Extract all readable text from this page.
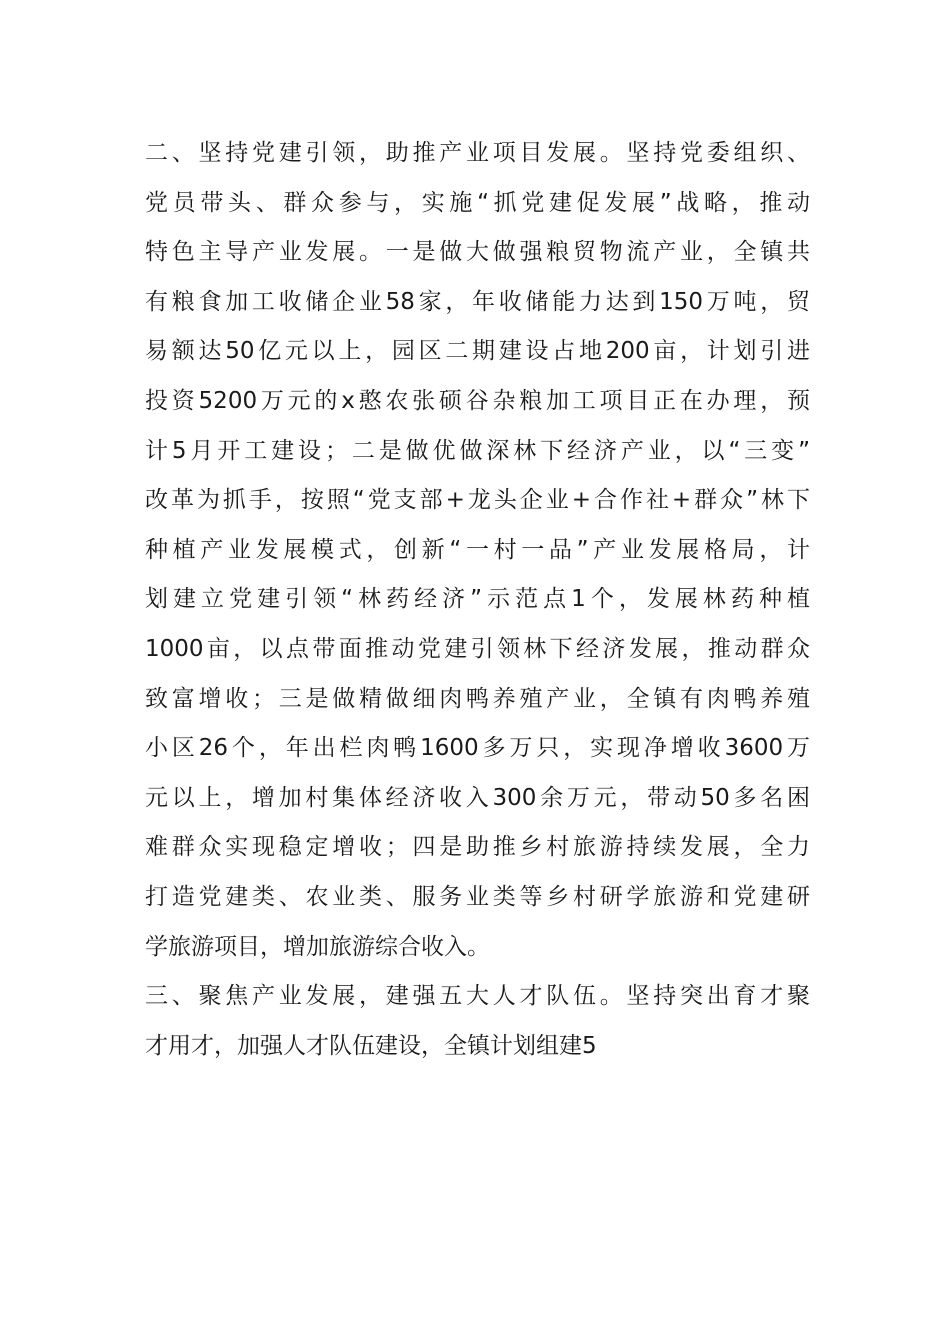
二、坚持党建引领，助推产业项目发展。坚持党委组织、
党员带头、群众参与，实施“抓党建促发展”战略，推动
特色主导产业发展。一是做大做强粮贸物流产业，全镇共
有粮食加工收储企业58家，年收储能力达到150万吨，贸
易额达50亿元以上，园区二期建设占地200亩，计划引进
投资5200万元的x憨农张硕谷杂粮加工项目正在办理，预
计5月开工建设；二是做优做深林下经济产业，以“三变”
改革为抓手，按照“党支部+龙头企业+合作社+群众”林下
种植产业发展模式，创新“一村一品”产业发展格局，计
划建立党建引领“林药经济”示范点1个，发展林药种植
1000亩，以点带面推动党建引领林下经济发展，推动群众
致富增收；三是做精做细肉鸭养殖产业，全镇有肉鸭养殖
小区26个，年出栏肉鸭1600多万只，实现净增收3600万
元以上，增加村集体经济收入300余万元，带动50多名困
难群众实现稳定增收；四是助推乡村旅游持续发展，全力
打造党建类、农业类、服务业类等乡村研学旅游和党建研
学旅游项目，增加旅游综合收入。
三、聚焦产业发展，建强五大人才队伍。坚持突出育才聚
才用才，加强人才队伍建设，全镇计划组建5
